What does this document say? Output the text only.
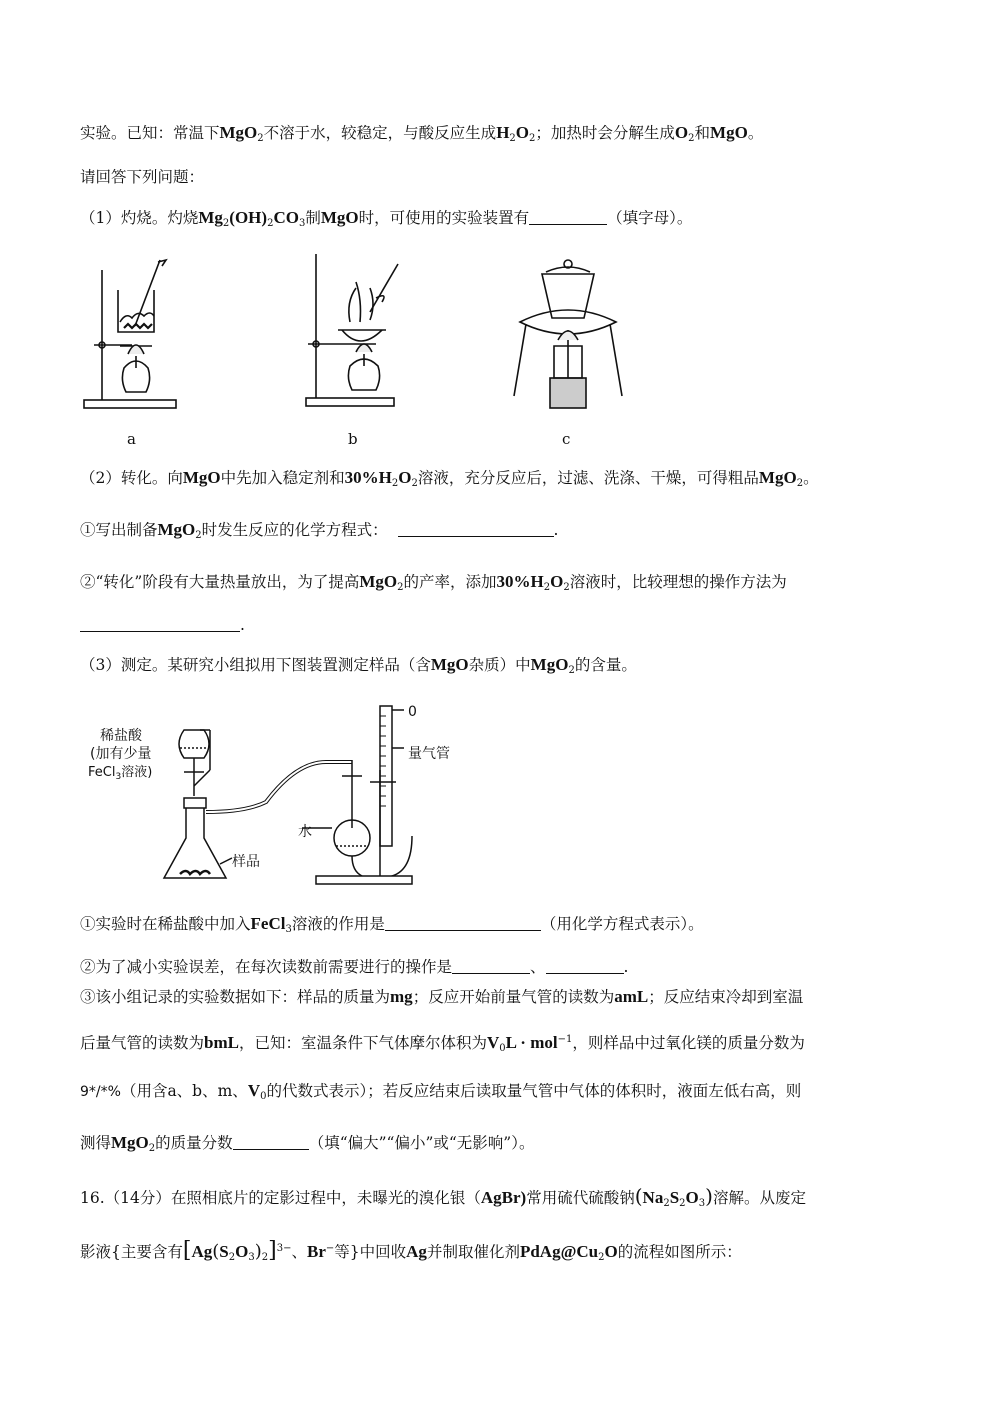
实验。已知：常温下MgO$_2$不溶于水，较稳定，与酸反应生成$H_2O_2$；加热时会分解生成$O_2$和MgO。
请回答下列问题：
（1）灼烧。灼烧$Mg_2(OH)_2CO_3$制MgO时，可使用的实验装置有	（填字母）。
a	b	c
（2）转化。向MgO中先加入稳定剂和$30\%H_2O_2$溶液，充分反应后，过滤、洗涤、干燥，可得粗品MgO$_2$。
①写出制备MgO$_2$时发生反应的化学方程式：	.
②“转化”阶段有大量热量放出，为了提高MgO$_2$的产率，添加$30\%H_2O_2$溶液时，比较理想的操作方法为
.
（3）测定。某研究小组拟用下图装置测定样品（含MgO杂质）中MgO$_2$的含量。
稀盐酸
(加有少量
FeCl$_3$溶液)
0
量气管
水
样品
①实验时在稀盐酸中加入FeCl$_3$溶液的作用是	（用化学方程式表示）。
②为了减小实验误差，在每次读数前需要进行的操作是	、	.
③该小组记录的实验数据如下：样品的质量为mg；反应开始前量气管的读数为amL；反应结束冷却到室温
后量气管的读数为bmL，已知：室温条件下气体摩尔体积为$V_0L \cdot mol^{-1}$，则样品中过氧化镁的质量分数为
9*/*%（用含a、b、m、$V_0$的代数式表示）；若反应结束后读取量气管中气体的体积时，液面左低右高，则
测得MgO$_2$的质量分数	（填“偏大”“偏小”或“无影响”）。
16.（14分）在照相底片的定影过程中，未曝光的溴化银（AgBr)常用硫代硫酸钠$(Na_2S_2O_3)$溶解。从废定
影液{主要含有$[Ag(S_2O_3)_2]^{3-}$、Br−等}中回收Ag并制取催化剂$PdAg@Cu_2O$的流程如图所示：
